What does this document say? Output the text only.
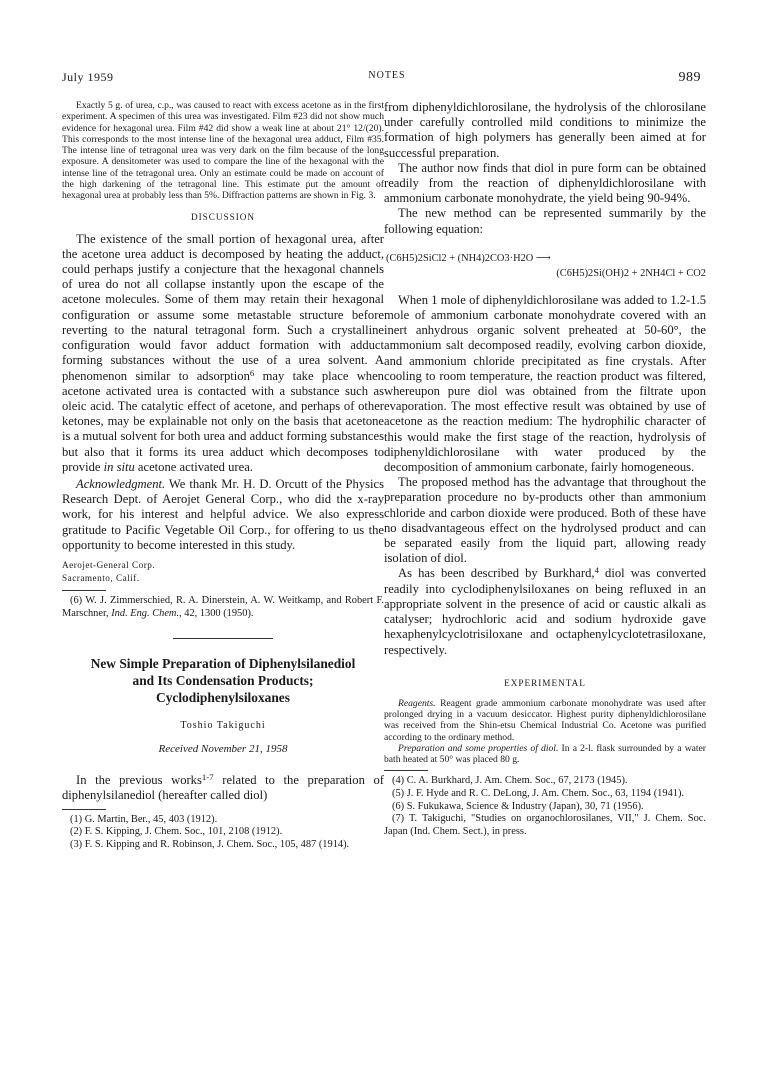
July 1959	NOTES	989

Exactly 5 g. of urea, c.p., was caused to react with excess acetone as in the first experiment. A specimen of this urea was investigated. Film #23 did not show much evidence for hexagonal urea. Film #42 did show a weak line at about 21° 12/(20). This corresponds to the most intense line of the hexagonal urea adduct, Film #35. The intense line of tetragonal urea was very dark on the film because of the long exposure. A densitometer was used to compare the line of the hexagonal with the intense line of the tetragonal urea. Only an estimate could be made on account of the high darkening of the tetragonal line. This estimate put the amount of hexagonal urea at probably less than 5%. Diffraction patterns are shown in Fig. 3.

DISCUSSION

The existence of the small portion of hexagonal urea, after the acetone urea adduct is decomposed by heating the adduct, could perhaps justify a conjecture that the hexagonal channels of urea do not all collapse instantly upon the escape of the acetone molecules. Some of them may retain their hexagonal configuration or assume some metastable structure before reverting to the natural tetragonal form. Such a crystalline configuration would favor adduct formation with adduct forming substances without the use of a urea solvent. A phenomenon similar to adsorption$^6$ may take place when acetone activated urea is contacted with a substance such as oleic acid. The catalytic effect of acetone, and perhaps of other ketones, may be explainable not only on the basis that acetone is a mutual solvent for both urea and adduct forming substances but also that it forms its urea adduct which decomposes to provide in situ acetone activated urea.

Acknowledgment. We thank Mr. H. D. Orcutt of the Physics Research Dept. of Aerojet General Corp., who did the x-ray work, for his interest and helpful advice. We also express gratitude to Pacific Vegetable Oil Corp., for offering to us the opportunity to become interested in this study.

Aerojet-General Corp.
Sacramento, Calif.

(6) W. J. Zimmerschied, R. A. Dinerstein, A. W. Weitkamp, and Robert F. Marschner, Ind. Eng. Chem., 42, 1300 (1950).

New Simple Preparation of Diphenylsilanediol
and Its Condensation Products;
Cyclodiphenylsiloxanes
Toshio Takiguchi
Received November 21, 1958

In the previous works$^{1-7}$ related to the preparation of diphenylsilanediol (hereafter called diol)

(1) G. Martin, Ber., 45, 403 (1912).

(2) F. S. Kipping, J. Chem. Soc., 101, 2108 (1912).

(3) F. S. Kipping and R. Robinson, J. Chem. Soc., 105, 487 (1914).

from diphenyldichlorosilane, the hydrolysis of the chlorosilane under carefully controlled mild conditions to minimize the formation of high polymers has generally been aimed at for successful preparation.

The author now finds that diol in pure form can be obtained readily from the reaction of diphenyldichlorosilane with ammonium carbonate monohydrate, the yield being 90-94%.

The new method can be represented summarily by the following equation:

(C6H5)2SiCl2 + (NH4)2CO3·H2O ⟶
(C6H5)2Si(OH)2 + 2NH4Cl + CO2

When 1 mole of diphenyldichlorosilane was added to 1.2-1.5 mole of ammonium carbonate monohydrate covered with an inert anhydrous organic solvent preheated at 50-60°, the ammonium salt decomposed readily, evolving carbon dioxide, and ammonium chloride precipitated as fine crystals. After cooling to room temperature, the reaction product was filtered, whereupon pure diol was obtained from the filtrate upon evaporation. The most effective result was obtained by use of acetone as the reaction medium: The hydrophilic character of this would make the first stage of the reaction, hydrolysis of diphenyldichlorosilane with water produced by the decomposition of ammonium carbonate, fairly homogeneous.

The proposed method has the advantage that throughout the preparation procedure no by-products other than ammonium chloride and carbon dioxide were produced. Both of these have no disadvantageous effect on the hydrolysed product and can be separated easily from the liquid part, allowing ready isolation of diol.

As has been described by Burkhard,$^4$ diol was converted readily into cyclodiphenylsiloxanes on being refluxed in an appropriate solvent in the presence of acid or caustic alkali as catalyser; hydrochloric acid and sodium hydroxide gave hexaphenylcyclotrisiloxane and octaphenylcyclotetrasiloxane, respectively.

EXPERIMENTAL

Reagents. Reagent grade ammonium carbonate monohydrate was used after prolonged drying in a vacuum desiccator. Highest purity diphenyldichlorosilane was received from the Shin-etsu Chemical Industrial Co. Acetone was purified according to the ordinary method.

Preparation and some properties of diol. In a 2-l. flask surrounded by a water bath heated at 50° was placed 80 g.

(4) C. A. Burkhard, J. Am. Chem. Soc., 67, 2173 (1945).

(5) J. F. Hyde and R. C. DeLong, J. Am. Chem. Soc., 63, 1194 (1941).

(6) S. Fukukawa, Science & Industry (Japan), 30, 71 (1956).

(7) T. Takiguchi, "Studies on organochlorosilanes, VII," J. Chem. Soc. Japan (Ind. Chem. Sect.), in press.
